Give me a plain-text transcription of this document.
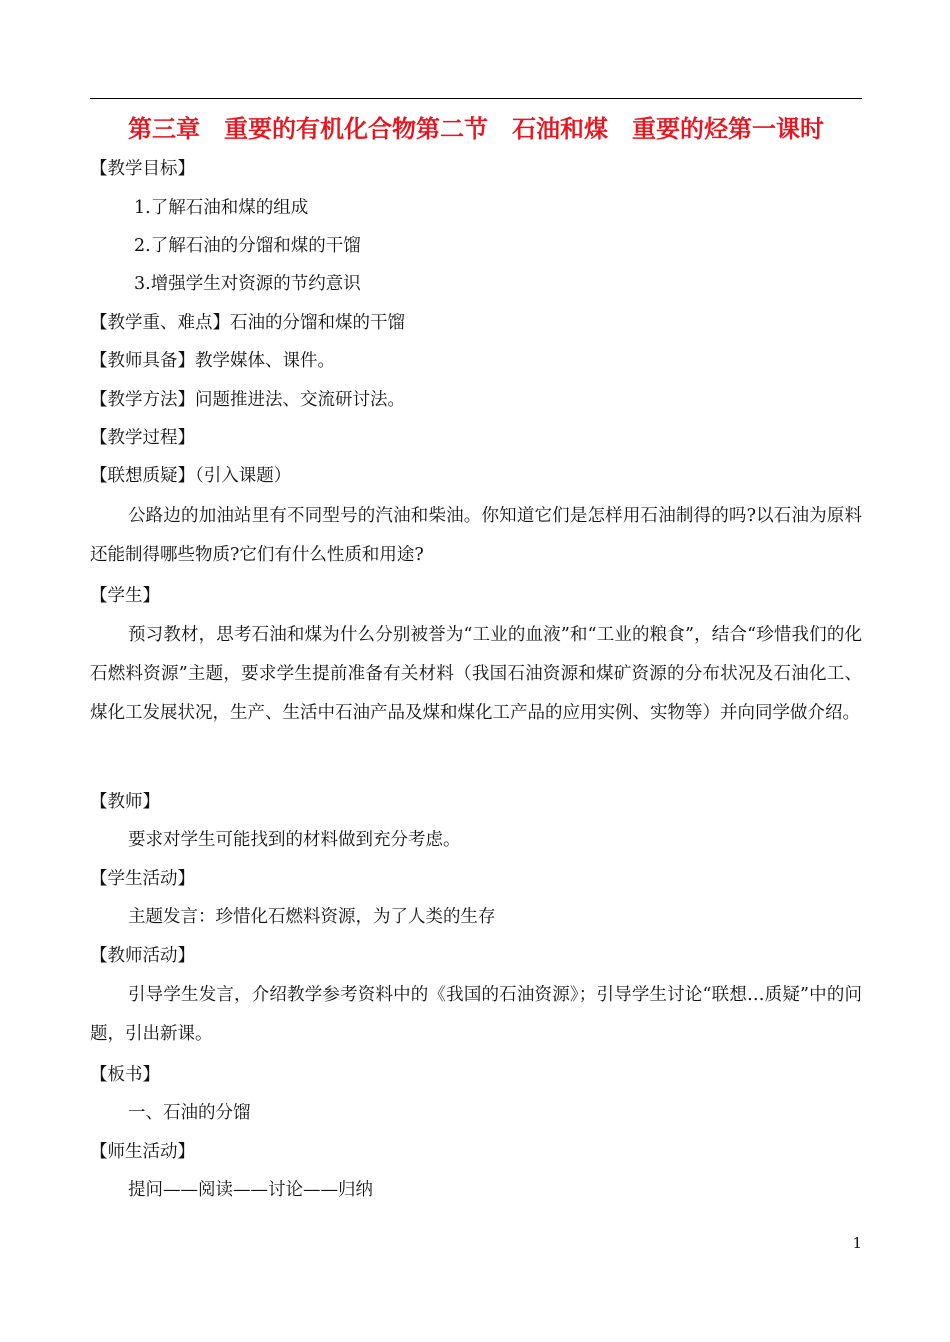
第三章　重要的有机化合物第二节　石油和煤　重要的烃第一课时
【教学目标】
1.了解石油和煤的组成
2.了解石油的分馏和煤的干馏
3.增强学生对资源的节约意识
【教学重、难点】石油的分馏和煤的干馏
【教师具备】教学媒体、课件。
【教学方法】问题推进法、交流研讨法。
【教学过程】
【联想质疑】（引入课题）
公路边的加油站里有不同型号的汽油和柴油。你知道它们是怎样用石油制得的吗?以石油为原料还能制得哪些物质?它们有什么性质和用途?
【学生】
预习教材，思考石油和煤为什么分别被誉为“工业的血液”和“工业的粮食”，结合“珍惜我们的化石燃料资源”主题，要求学生提前准备有关材料（我国石油资源和煤矿资源的分布状况及石油化工、煤化工发展状况，生产、生活中石油产品及煤和煤化工产品的应用实例、实物等）并向同学做介绍。
【教师】
要求对学生可能找到的材料做到充分考虑。
【学生活动】
主题发言：珍惜化石燃料资源，为了人类的生存
【教师活动】
引导学生发言，介绍教学参考资料中的《我国的石油资源》；引导学生讨论“联想…质疑”中的问题，引出新课。
【板书】
一、石油的分馏
【师生活动】
提问——阅读——讨论——归纳
1
